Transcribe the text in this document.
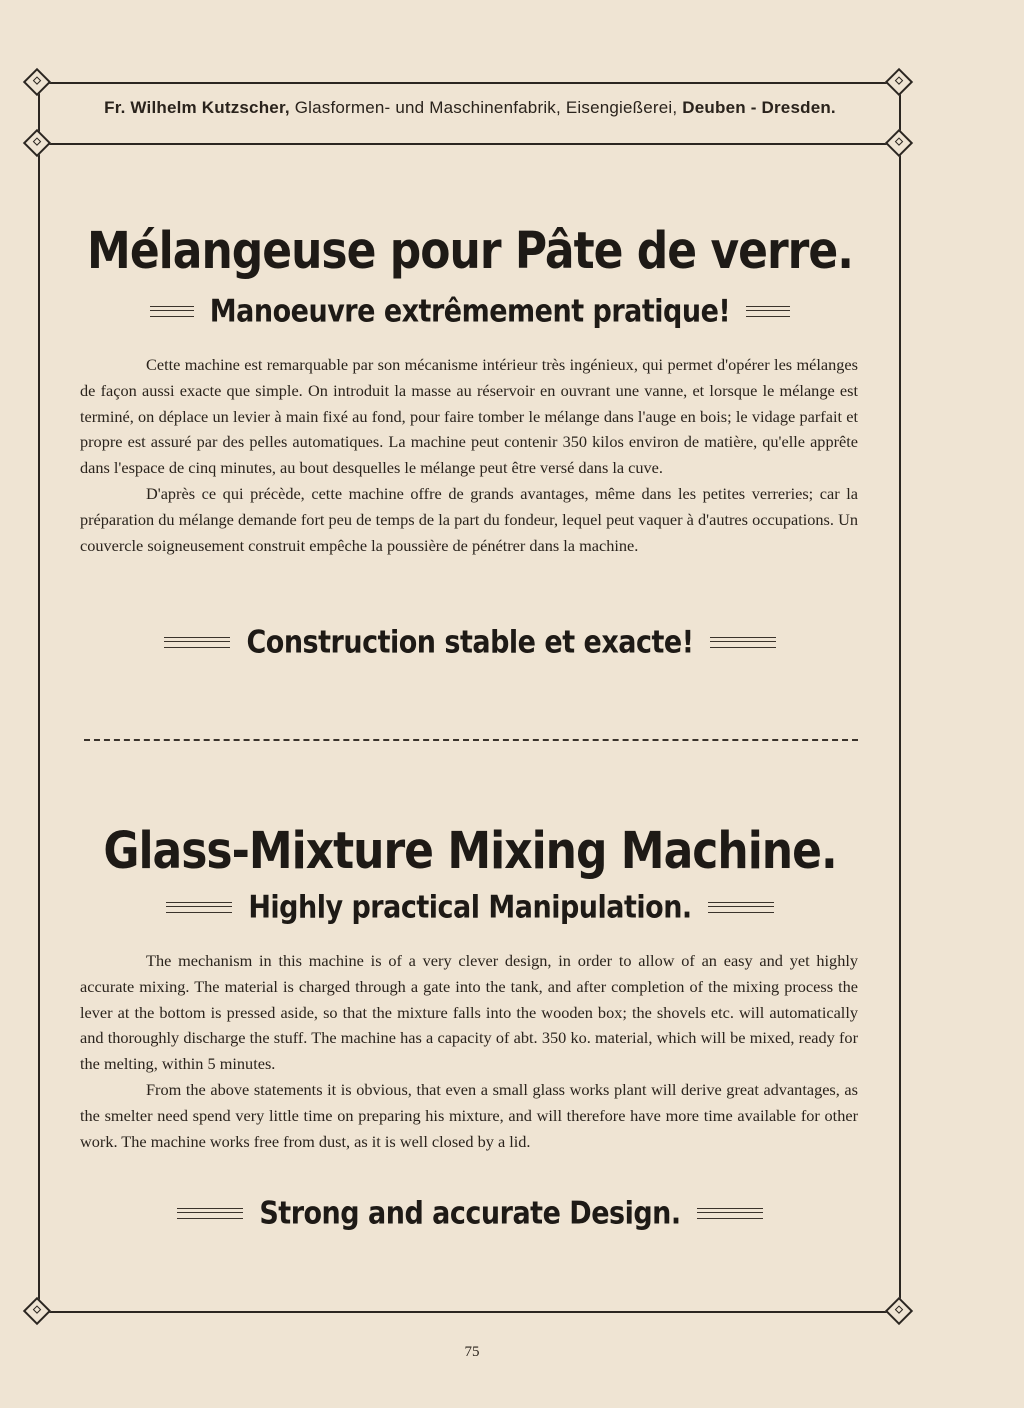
Fr. Wilhelm Kutzscher, Glasformen- und Maschinenfabrik, Eisengießerei, Deuben - Dresden.
Mélangeuse pour Pâte de verre.
Manoeuvre extrêmement pratique!

Cette machine est remarquable par son mécanisme intérieur très ingénieux, qui permet d'opérer les mélanges de façon aussi exacte que simple. On introduit la masse au réservoir en ouvrant une vanne, et lorsque le mélange est terminé, on déplace un levier à main fixé au fond, pour faire tomber le mélange dans l'auge en bois; le vidage parfait et propre est assuré par des pelles automatiques. La machine peut contenir 350 kilos environ de matière, qu'elle apprête dans l'espace de cinq minutes, au bout desquelles le mélange peut être versé dans la cuve.

D'après ce qui précède, cette machine offre de grands avantages, même dans les petites verreries; car la préparation du mélange demande fort peu de temps de la part du fondeur, lequel peut vaquer à d'autres occupations. Un couvercle soigneusement construit empêche la poussière de pénétrer dans la machine.

Construction stable et exacte!
Glass-Mixture Mixing Machine.
Highly practical Manipulation.

The mechanism in this machine is of a very clever design, in order to allow of an easy and yet highly accurate mixing. The material is charged through a gate into the tank, and after completion of the mixing process the lever at the bottom is pressed aside, so that the mixture falls into the wooden box; the shovels etc. will automatically and thoroughly discharge the stuff. The machine has a capacity of abt. 350 ko. material, which will be mixed, ready for the melting, within 5 minutes.

From the above statements it is obvious, that even a small glass works plant will derive great advantages, as the smelter need spend very little time on preparing his mixture, and will therefore have more time available for other work. The machine works free from dust, as it is well closed by a lid.

Strong and accurate Design.
75
